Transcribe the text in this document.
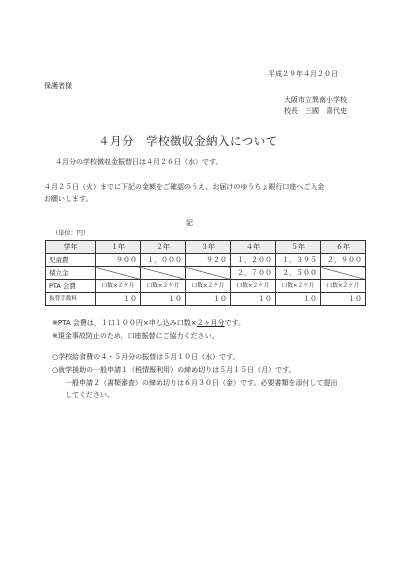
平成２９年４月２０日
保護者様
大阪市立巽南小学校
校長　三國　喜代史
４月分　学校徴収金納入について
４月分の学校徴収金振替日は４月２６日（水）です。
４月２５日（火）までに下記の金額をご確認のうえ、お届けのゆうちょ銀行口座へご入金
お願いします。
記
（単位：円）
学年	１年	２年	３年	４年	５年	６年
児童費	９００	１，０００	９２０	１，２００	１，３９５	２，９００
積立金				２，７００	２，５００	
PTA 会費	口数×２ケ月	口数×２ケ月	口数×２ケ月	口数×２ケ月	口数×２ケ月	口数×２ケ月
振替手数料	１０	１０	１０	１０	１０	１０
※PTA 会費は，１口１００円×申し込み口数×２ヶ月分です。
※現金事故防止のため，口座振替にご協力ください。
○学校給食費の４・５月分の振替は５月１０日（水）です。
○就学援助の一般申請１（税情報利用）の締め切りは５月１５日（月）です。
一般申請２（書類審査）の締め切りは６月３０日（金）です。必要書類を添付して提出
してください。
